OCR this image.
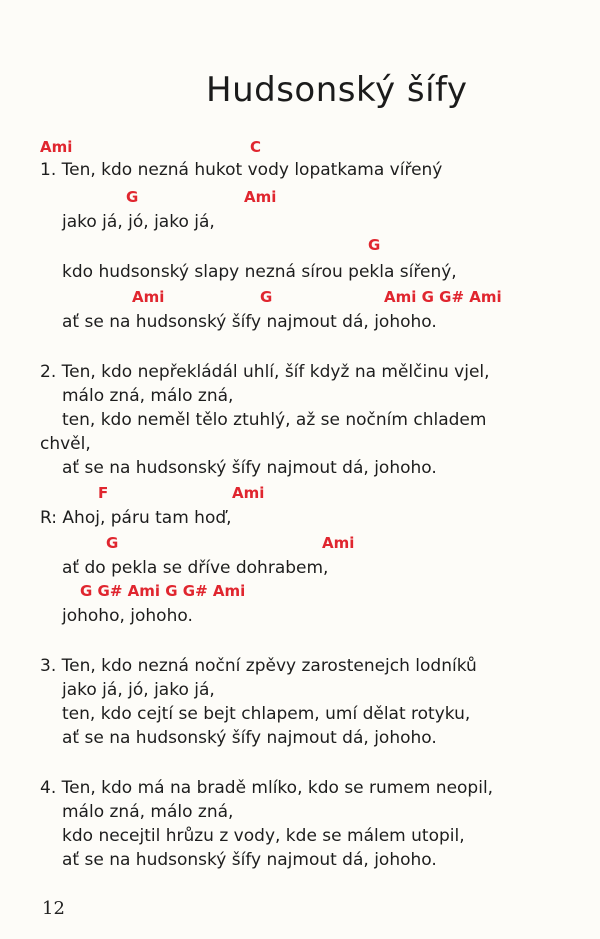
Hudsonský šífy
Ami	C
1. Ten, kdo nezná hukot vody lopatkama vířený
G	Ami
jako já, jó, jako já,
G
kdo hudsonský slapy nezná sírou pekla sířený,
Ami	G	Ami G G# Ami
ať se na hudsonský šífy najmout dá, johoho.
2. Ten, kdo nepřekládál uhlí, šíf když na mělčinu vjel,
málo zná, málo zná,
ten, kdo neměl tělo ztuhlý, až se nočním chladem
chvěl,
ať se na hudsonský šífy najmout dá, johoho.
F	Ami
R: Ahoj, páru tam hoď,
G	Ami
ať do pekla se dříve dohrabem,
G G# Ami G G# Ami
johoho, johoho.
3. Ten, kdo nezná noční zpěvy zarostenejch lodníků
jako já, jó, jako já,
ten, kdo cejtí se bejt chlapem, umí dělat rotyku,
ať se na hudsonský šífy najmout dá, johoho.
4. Ten, kdo má na bradě mlíko, kdo se rumem neopil,
málo zná, málo zná,
kdo necejtil hrůzu z vody, kde se málem utopil,
ať se na hudsonský šífy najmout dá, johoho.
12
